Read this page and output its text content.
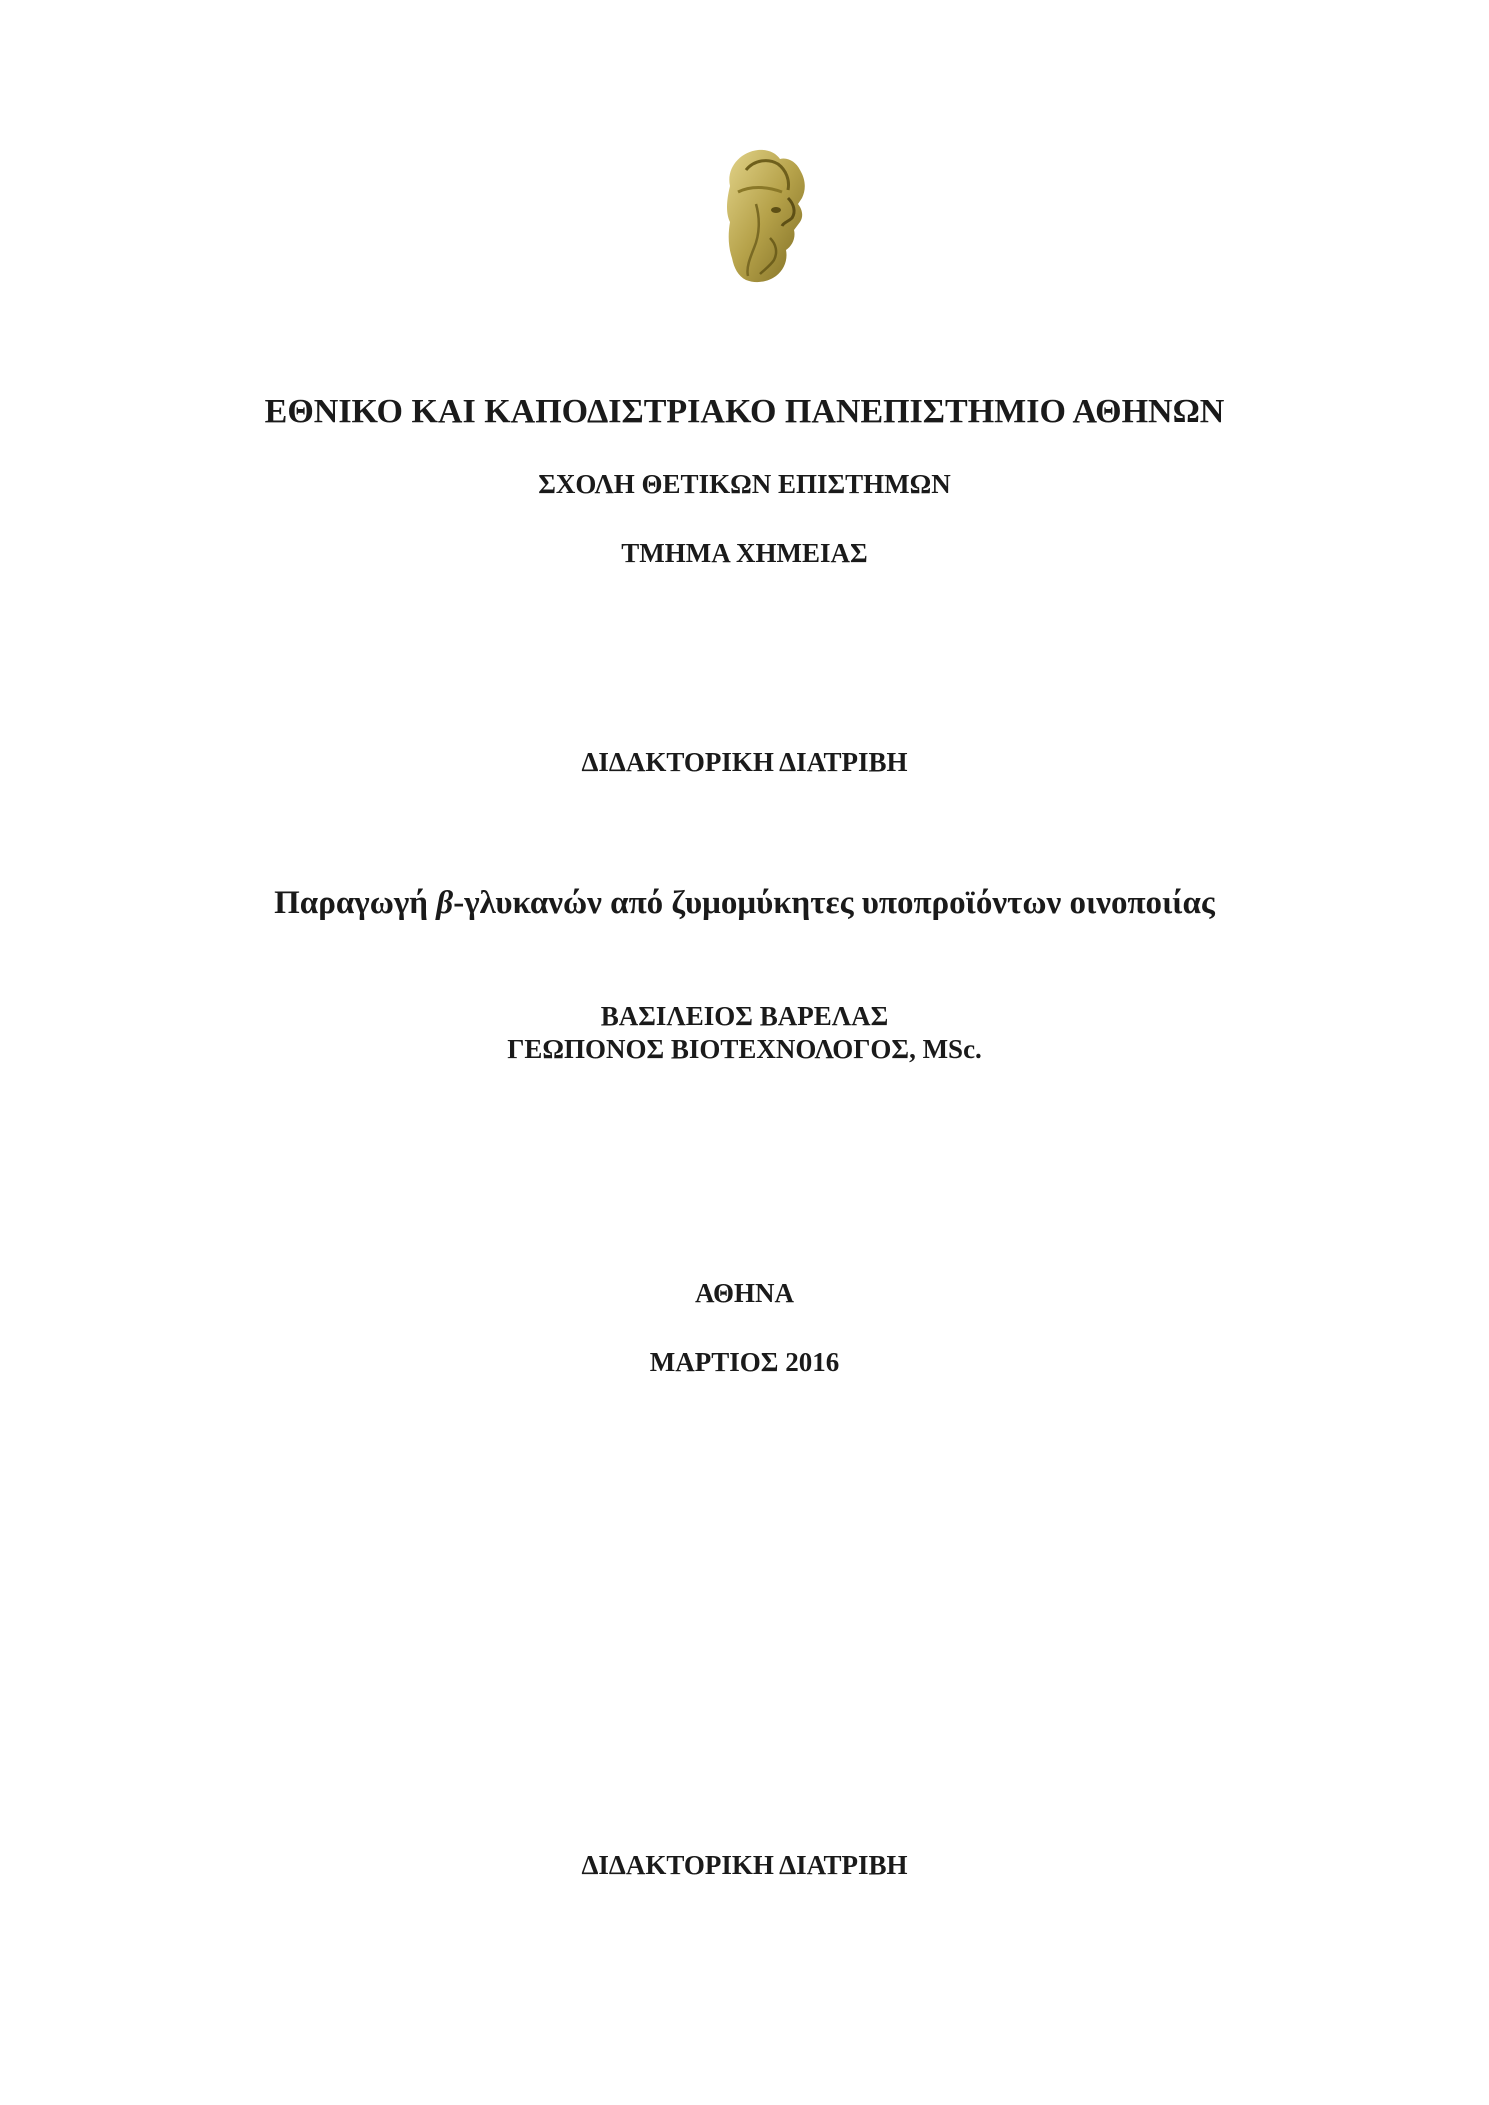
ΕΘΝΙΚΟ ΚΑΙ ΚΑΠΟΔΙΣΤΡΙΑΚΟ ΠΑΝΕΠΙΣΤΗΜΙΟ ΑΘΗΝΩΝ
ΣΧΟΛΗ ΘΕΤΙΚΩΝ ΕΠΙΣΤΗΜΩΝ
ΤΜΗΜΑ ΧΗΜΕΙΑΣ
ΔΙΔΑΚΤΟΡΙΚΗ ΔΙΑΤΡΙΒΗ
Παραγωγή β-γλυκανών από ζυμομύκητες υποπροϊόντων οινοποιίας
ΒΑΣΙΛΕΙΟΣ ΒΑΡΕΛΑΣ
ΓΕΩΠΟΝΟΣ ΒΙΟΤΕΧΝΟΛΟΓΟΣ, MSc.
ΑΘΗΝΑ
ΜΑΡΤΙΟΣ 2016
ΔΙΔΑΚΤΟΡΙΚΗ ΔΙΑΤΡΙΒΗ
